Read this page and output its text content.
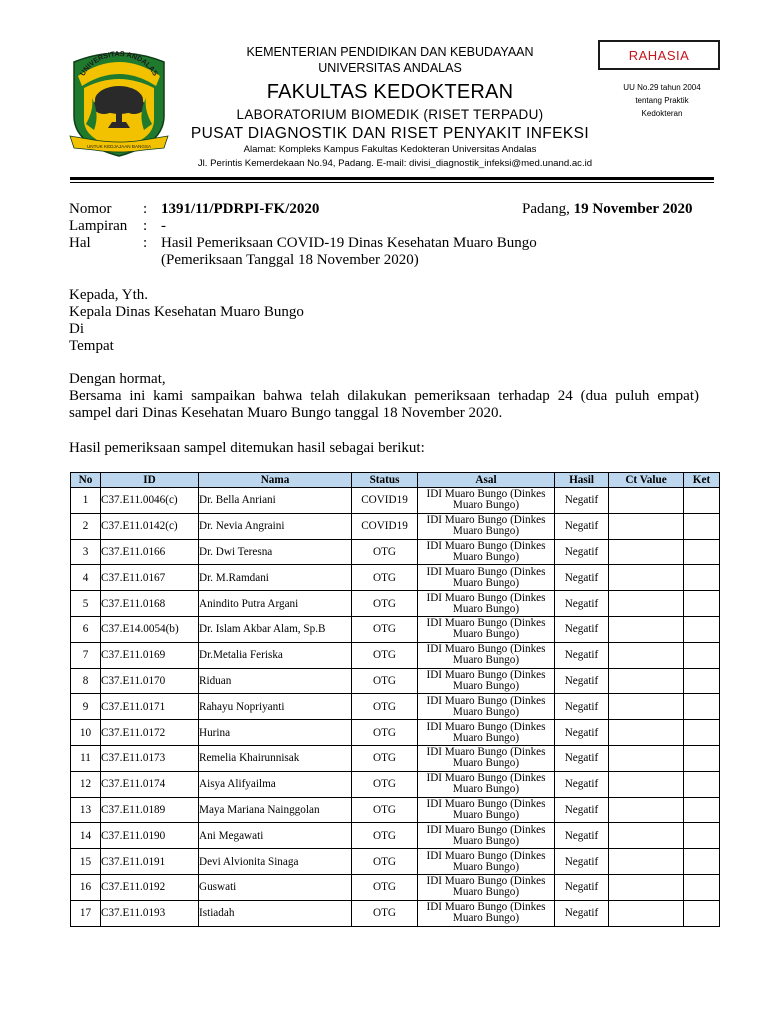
UNIVERSITAS ANDALAS
UNTUK KEDJAJAAN BANGSA
KEMENTERIAN PENDIDIKAN DAN KEBUDAYAAN
UNIVERSITAS ANDALAS
FAKULTAS KEDOKTERAN
LABORATORIUM BIOMEDIK (RISET TERPADU)
PUSAT DIAGNOSTIK DAN RISET PENYAKIT INFEKSI
Alamat: Kompleks Kampus Fakultas Kedokteran Universitas Andalas
Jl. Perintis Kemerdekaan No.94, Padang. E-mail: divisi_diagnostik_infeksi@med.unand.ac.id
RAHASIA
UU No.29 tahun 2004
tentang Praktik
Kedokteran
Nomor : 1391/11/PDRPI-FK/2020	Padang, 19 November 2020
Lampiran : -
Hal	: Hasil Pemeriksaan COVID-19 Dinas Kesehatan Muaro Bungo
(Pemeriksaan Tanggal 18 November 2020)
Kepada, Yth.
Kepala Dinas Kesehatan Muaro Bungo
Di
Tempat
Dengan hormat,
Bersama ini kami sampaikan bahwa telah dilakukan pemeriksaan terhadap 24 (dua puluh empat)
sampel dari Dinas Kesehatan Muaro Bungo tanggal 18 November 2020.
Hasil pemeriksaan sampel ditemukan hasil sebagai berikut:
No	ID	Nama	Status	Asal	Hasil	Ct Value	Ket
1	C37.E11.0046(c)	Dr. Bella Anriani	COVID19	IDI Muaro Bungo (Dinkes
Muaro Bungo)	Negatif		
2	C37.E11.0142(c)	Dr. Nevia Angraini	COVID19	IDI Muaro Bungo (Dinkes
Muaro Bungo)	Negatif		
3	C37.E11.0166	Dr. Dwi Teresna	OTG	IDI Muaro Bungo (Dinkes
Muaro Bungo)	Negatif		
4	C37.E11.0167	Dr. M.Ramdani	OTG	IDI Muaro Bungo (Dinkes
Muaro Bungo)	Negatif		
5	C37.E11.0168	Anindito Putra Argani	OTG	IDI Muaro Bungo (Dinkes
Muaro Bungo)	Negatif		
6	C37.E14.0054(b)	Dr. Islam Akbar Alam, Sp.B	OTG	IDI Muaro Bungo (Dinkes
Muaro Bungo)	Negatif		
7	C37.E11.0169	Dr.Metalia Feriska	OTG	IDI Muaro Bungo (Dinkes
Muaro Bungo)	Negatif		
8	C37.E11.0170	Riduan	OTG	IDI Muaro Bungo (Dinkes
Muaro Bungo)	Negatif		
9	C37.E11.0171	Rahayu Nopriyanti	OTG	IDI Muaro Bungo (Dinkes
Muaro Bungo)	Negatif		
10	C37.E11.0172	Hurina	OTG	IDI Muaro Bungo (Dinkes
Muaro Bungo)	Negatif		
11	C37.E11.0173	Remelia Khairunnisak	OTG	IDI Muaro Bungo (Dinkes
Muaro Bungo)	Negatif		
12	C37.E11.0174	Aisya Alifyailma	OTG	IDI Muaro Bungo (Dinkes
Muaro Bungo)	Negatif		
13	C37.E11.0189	Maya Mariana Nainggolan	OTG	IDI Muaro Bungo (Dinkes
Muaro Bungo)	Negatif		
14	C37.E11.0190	Ani Megawati	OTG	IDI Muaro Bungo (Dinkes
Muaro Bungo)	Negatif		
15	C37.E11.0191	Devi Alvionita Sinaga	OTG	IDI Muaro Bungo (Dinkes
Muaro Bungo)	Negatif		
16	C37.E11.0192	Guswati	OTG	IDI Muaro Bungo (Dinkes
Muaro Bungo)	Negatif		
17	C37.E11.0193	Istiadah	OTG	IDI Muaro Bungo (Dinkes
Muaro Bungo)	Negatif		
